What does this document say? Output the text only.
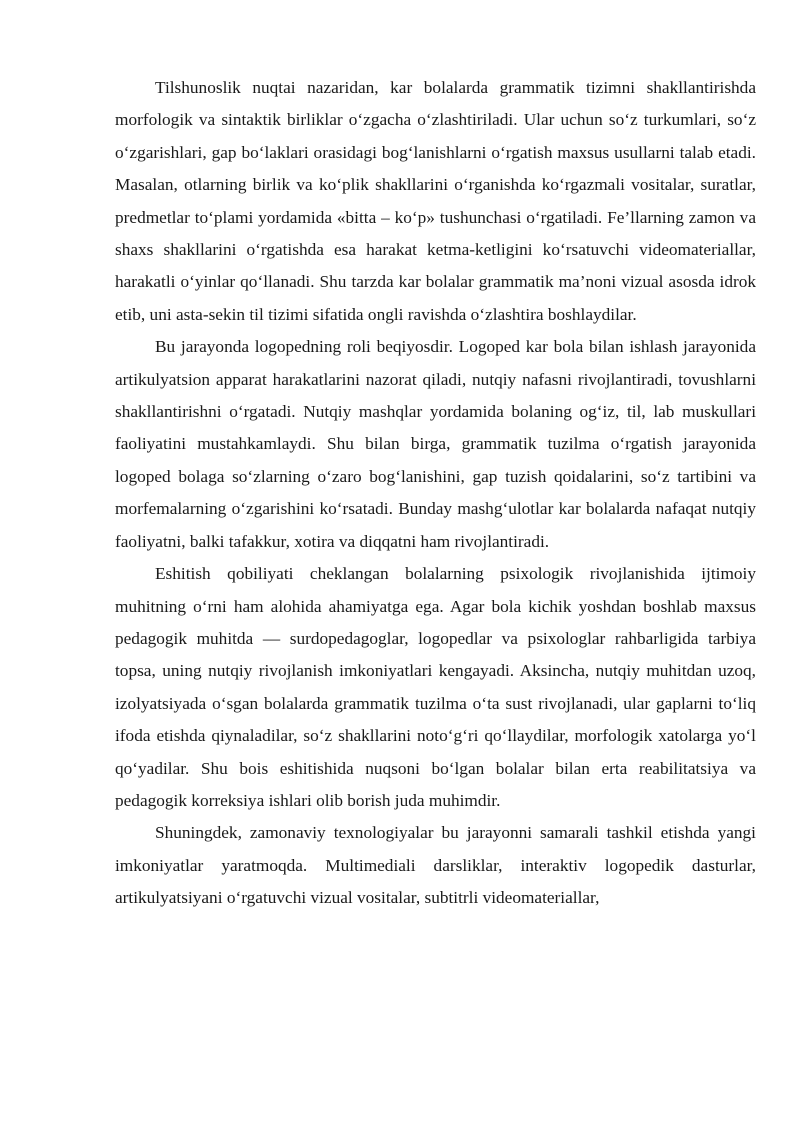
Tilshunoslik nuqtai nazaridan, kar bolalarda grammatik tizimni shakllantirishda morfologik va sintaktik birliklar o‘zgacha o‘zlashtiriladi. Ular uchun so‘z turkumlari, so‘z o‘zgarishlari, gap bo‘laklari orasidagi bog‘lanishlarni o‘rgatish maxsus usullarni talab etadi. Masalan, otlarning birlik va ko‘plik shakllarini o‘rganishda ko‘rgazmali vositalar, suratlar, predmetlar to‘plami yordamida «bitta – ko‘p» tushunchasi o‘rgatiladi. Fe’llarning zamon va shaxs shakllarini o‘rgatishda esa harakat ketma-ketligini ko‘rsatuvchi videomateriallar, harakatli o‘yinlar qo‘llanadi. Shu tarzda kar bolalar grammatik ma’noni vizual asosda idrok etib, uni asta-sekin til tizimi sifatida ongli ravishda o‘zlashtira boshlaydilar.

Bu jarayonda logopedning roli beqiyosdir. Logoped kar bola bilan ishlash jarayonida artikulyatsion apparat harakatlarini nazorat qiladi, nutqiy nafasni rivojlantiradi, tovushlarni shakllantirishni o‘rgatadi. Nutqiy mashqlar yordamida bolaning og‘iz, til, lab muskullari faoliyatini mustahkamlaydi. Shu bilan birga, grammatik tuzilma o‘rgatish jarayonida logoped bolaga so‘zlarning o‘zaro bog‘lanishini, gap tuzish qoidalarini, so‘z tartibini va morfemalarning o‘zgarishini ko‘rsatadi. Bunday mashg‘ulotlar kar bolalarda nafaqat nutqiy faoliyatni, balki tafakkur, xotira va diqqatni ham rivojlantiradi.

Eshitish qobiliyati cheklangan bolalarning psixologik rivojlanishida ijtimoiy muhitning o‘rni ham alohida ahamiyatga ega. Agar bola kichik yoshdan boshlab maxsus pedagogik muhitda — surdopedagoglar, logopedlar va psixologlar rahbarligida tarbiya topsa, uning nutqiy rivojlanish imkoniyatlari kengayadi. Aksincha, nutqiy muhitdan uzoq, izolyatsiyada o‘sgan bolalarda grammatik tuzilma o‘ta sust rivojlanadi, ular gaplarni to‘liq ifoda etishda qiynaladilar, so‘z shakllarini noto‘g‘ri qo‘llaydilar, morfologik xatolarga yo‘l qo‘yadilar. Shu bois eshitishida nuqsoni bo‘lgan bolalar bilan erta reabilitatsiya va pedagogik korreksiya ishlari olib borish juda muhimdir.

Shuningdek, zamonaviy texnologiyalar bu jarayonni samarali tashkil etishda yangi imkoniyatlar yaratmoqda. Multimediali darsliklar, interaktiv logopedik dasturlar, artikulyatsiyani o‘rgatuvchi vizual vositalar, subtitrli videomateriallar,
